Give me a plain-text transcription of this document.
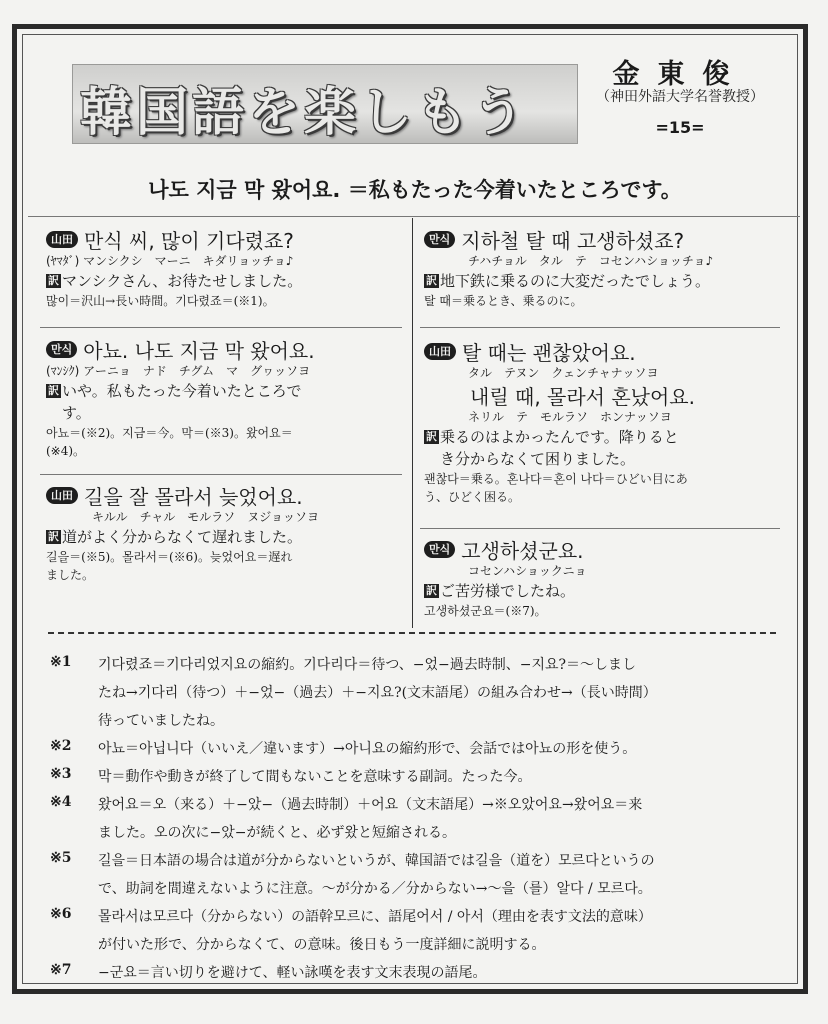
韓国語を楽しもう
金東俊
（神田外語大学名誉教授）
=15=
나도 지금 막 왔어요. ＝私もたった今着いたところです。
山田 만식 씨, 많이 기다렸죠?
(ﾔﾏﾀﾞ) マンシクシ　マーニ　キダリョッチョ♪
訳 マンシクさん、お待たせしました。
많이＝沢山→長い時間。기다렸죠＝(※1)。
만식 아뇨. 나도 지금 막 왔어요.
(ﾏﾝｼｸ) アーニョ　ナド　チグム　マ　グヮッソヨ
訳 いや。私もたった今着いたところで
す。
아뇨＝(※2)。지금＝今。막＝(※3)。왔어요＝
(※4)。
山田 길을 잘 몰라서 늦었어요.
キルル　チャル　モルラソ　ヌジョッソヨ
訳 道がよく分からなくて遅れました。
길을＝(※5)。몰라서＝(※6)。늦었어요＝遅れ
ました。
만식 지하철 탈 때 고생하셨죠?
チハチョル　タル　テ　コセンハショッチョ♪
訳 地下鉄に乗るのに大変だったでしょう。
탈 때＝乗るとき、乗るのに。
山田 탈 때는 괜찮았어요.
タル　テヌン　クェンチャナッソヨ
내릴 때, 몰라서 혼났어요.
ネリル　テ　モルラソ　ホンナッソヨ
訳 乗るのはよかったんです。降りると
き分からなくて困りました。
괜찮다＝乗る。혼나다＝혼이 나다＝ひどい目にあ
う、ひどく困る。
만식 고생하셨군요.
コセンハショックニョ
訳 ご苦労様でしたね。
고생하셨군요＝(※7)。
※1 기다렸죠＝기다리었지요の縮約。기다리다＝待つ、−었−過去時制、−지요?＝〜しまし
たね→기다리（待つ）＋−었−（過去）＋−지요?(文末語尾）の組み合わせ→（長い時間）
待っていましたね。
※2 아뇨＝아닙니다（いいえ／違います）→아니요の縮約形で、会話では아뇨の形を使う。
※3 막＝動作や動きが終了して間もないことを意味する副詞。たった今。
※4 왔어요＝오（来る）＋−았−（過去時制）＋어요（文末語尾）→※오았어요→왔어요＝来
ました。오の次に−았−が続くと、必ず왔と短縮される。
※5 길을＝日本語の場合は道が分からないというが、韓国語では길을（道を）모르다というの
で、助詞を間違えないように注意。〜が分かる／分からない→〜을（를）알다 / 모르다。
※6 몰라서は모르다（分からない）の語幹모르に、語尾어서 / 아서（理由を表す文法的意味）
が付いた形で、分からなくて、の意味。後日もう一度詳細に説明する。
※7 −군요＝言い切りを避けて、軽い詠嘆を表す文末表現の語尾。
